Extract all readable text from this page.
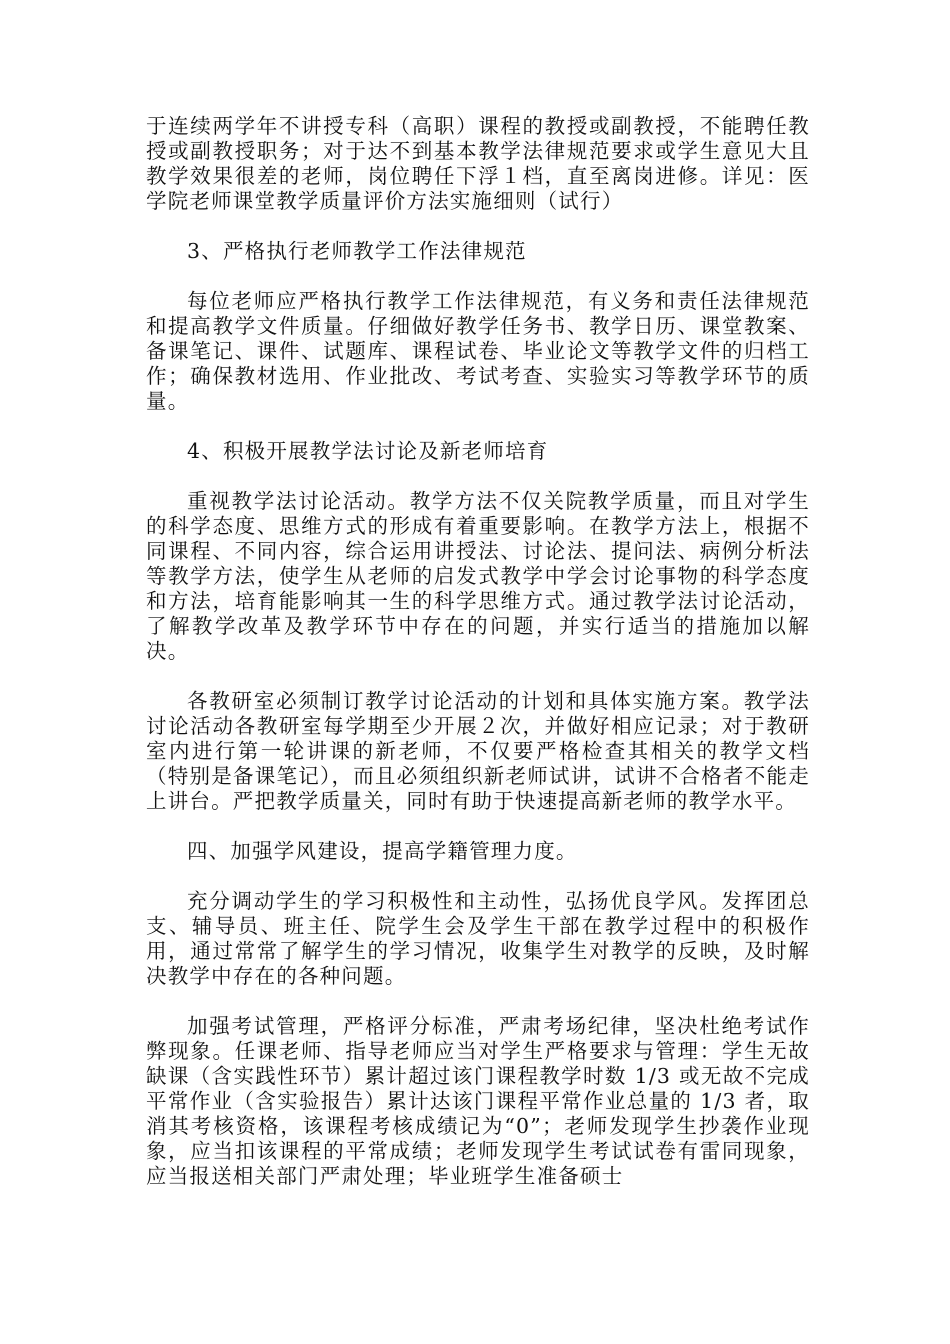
于连续两学年不讲授专科（高职）课程的教授或副教授，不能聘任教授或副教授职务；对于达不到基本教学法律规范要求或学生意见大且教学效果很差的老师，岗位聘任下浮１档，直至离岗进修。详见：医学院老师课堂教学质量评价方法实施细则（试行）

3、严格执行老师教学工作法律规范

每位老师应严格执行教学工作法律规范，有义务和责任法律规范和提高教学文件质量。仔细做好教学任务书、教学日历、课堂教案、备课笔记、课件、试题库、课程试卷、毕业论文等教学文件的归档工作；确保教材选用、作业批改、考试考查、实验实习等教学环节的质量。

4、积极开展教学法讨论及新老师培育

重视教学法讨论活动。教学方法不仅关院教学质量，而且对学生的科学态度、思维方式的形成有着重要影响。在教学方法上，根据不同课程、不同内容，综合运用讲授法、讨论法、提问法、病例分析法等教学方法，使学生从老师的启发式教学中学会讨论事物的科学态度和方法，培育能影响其一生的科学思维方式。通过教学法讨论活动，了解教学改革及教学环节中存在的问题，并实行适当的措施加以解决。

各教研室必须制订教学讨论活动的计划和具体实施方案。教学法讨论活动各教研室每学期至少开展２次，并做好相应记录；对于教研室内进行第一轮讲课的新老师，不仅要严格检查其相关的教学文档（特别是备课笔记），而且必须组织新老师试讲，试讲不合格者不能走上讲台。严把教学质量关，同时有助于快速提高新老师的教学水平。

四、加强学风建设，提高学籍管理力度。

充分调动学生的学习积极性和主动性，弘扬优良学风。发挥团总支、辅导员、班主任、院学生会及学生干部在教学过程中的积极作用，通过常常了解学生的学习情况，收集学生对教学的反映，及时解决教学中存在的各种问题。

加强考试管理，严格评分标准，严肃考场纪律，坚决杜绝考试作弊现象。任课老师、指导老师应当对学生严格要求与管理：学生无故缺课（含实践性环节）累计超过该门课程教学时数 1/3 或无故不完成平常作业（含实验报告）累计达该门课程平常作业总量的 1/3 者，取消其考核资格，该课程考核成绩记为“0”；老师发现学生抄袭作业现象，应当扣该课程的平常成绩；老师发现学生考试试卷有雷同现象，应当报送相关部门严肃处理；毕业班学生准备硕士
